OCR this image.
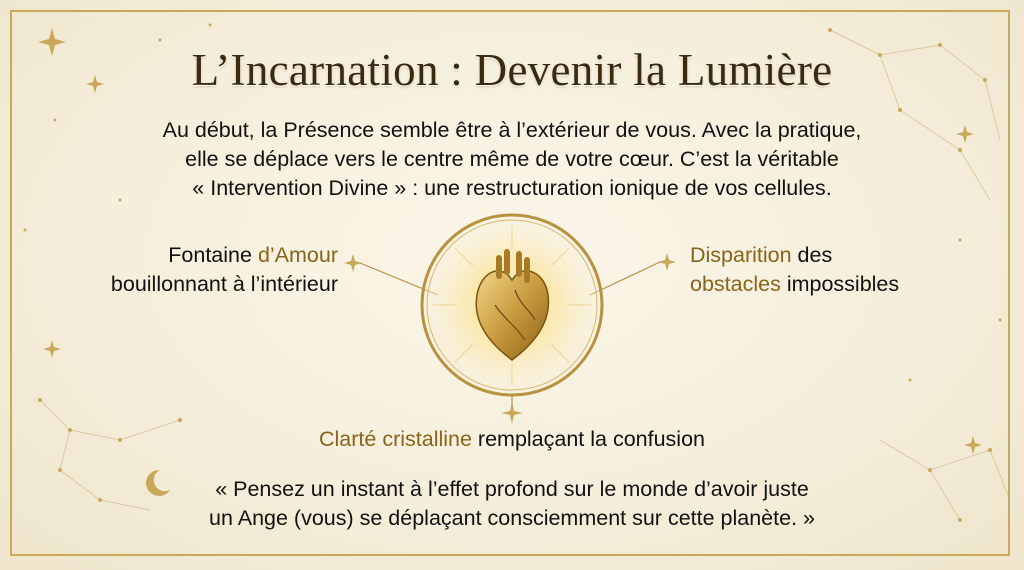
L’Incarnation : Devenir la Lumière
Au début, la Présence semble être à l’extérieur de vous. Avec la pratique,
elle se déplace vers le centre même de votre cœur. C’est la véritable
« Intervention Divine » : une restructuration ionique de vos cellules.
Fontaine d’Amour
bouillonnant à l’intérieur
Disparition des
obstacles impossibles
Clarté cristalline remplaçant la confusion
« Pensez un instant à l’effet profond sur le monde d’avoir juste
un Ange (vous) se déplaçant consciemment sur cette planète. »
